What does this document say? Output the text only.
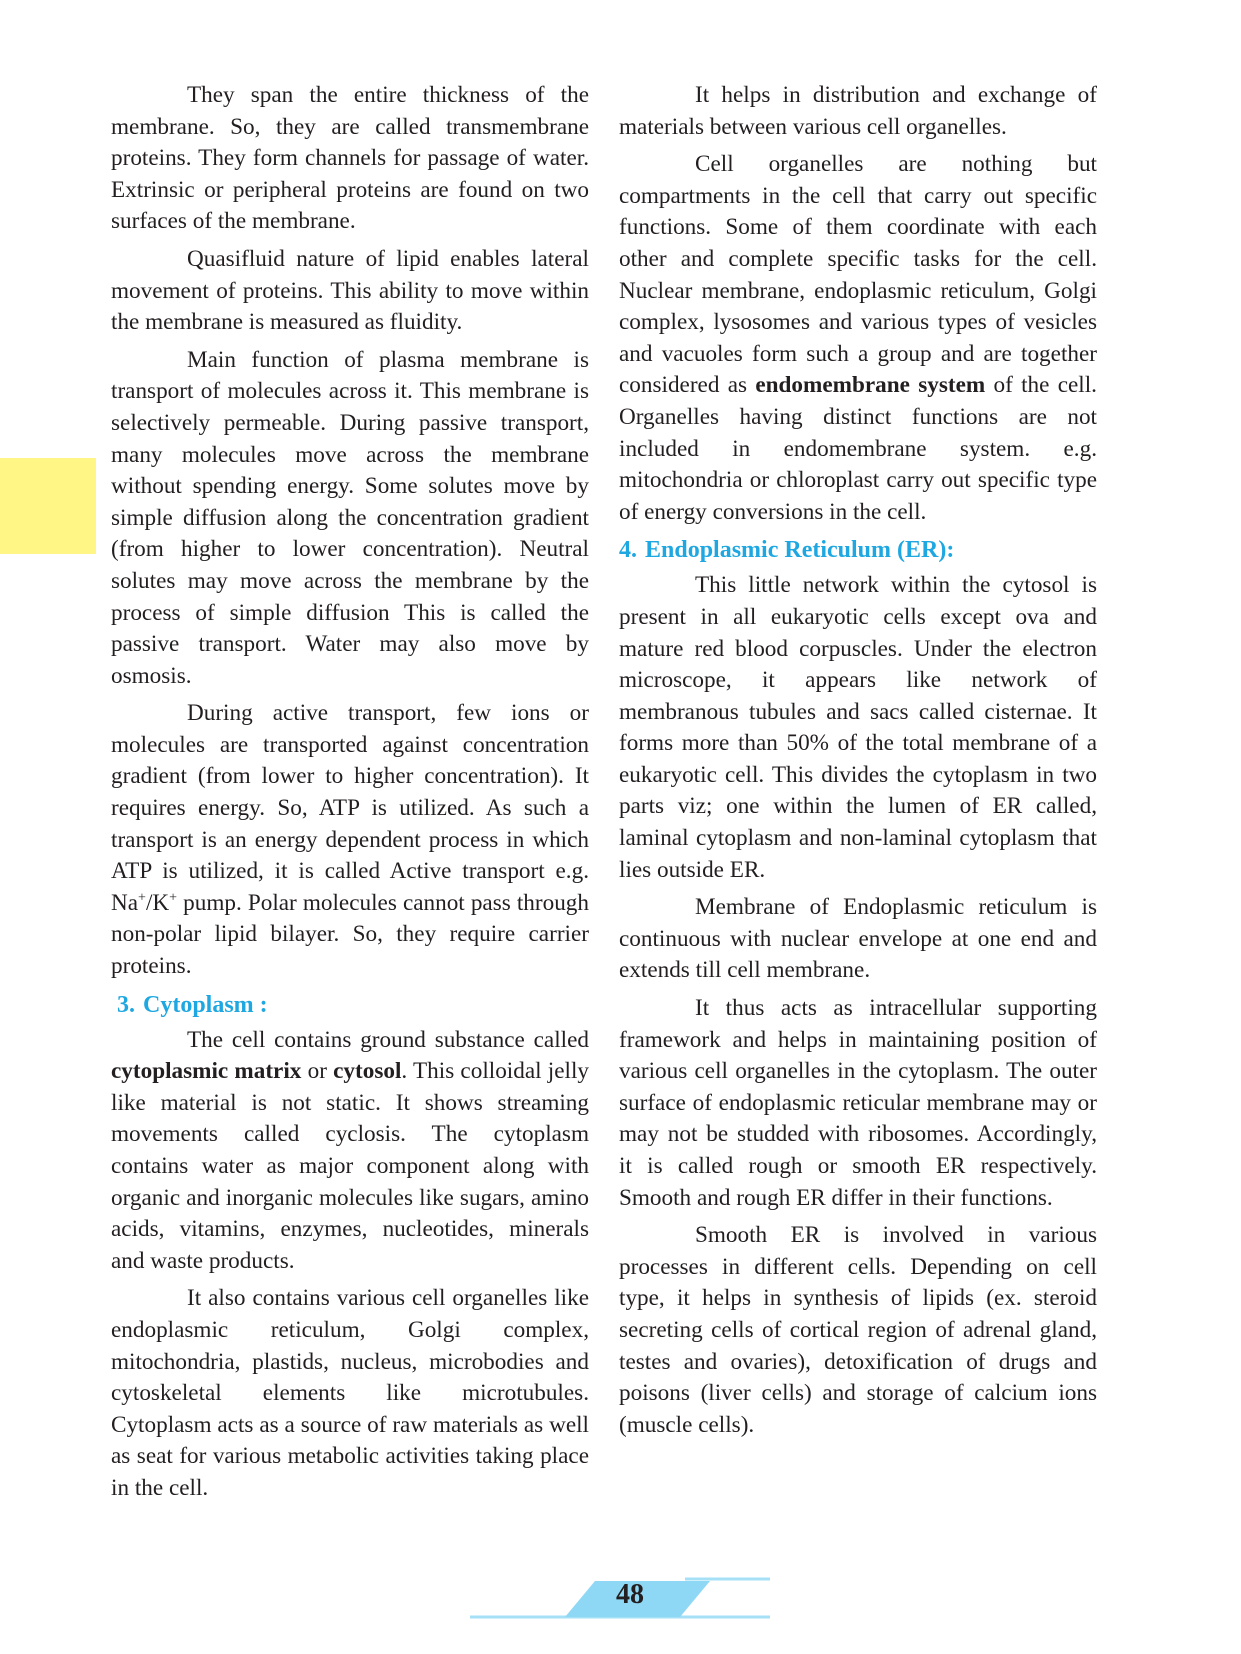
They span the entire thickness of the membrane. So, they are called transmembrane proteins. They form channels for passage of water. Extrinsic or peripheral proteins are found on two surfaces of the membrane.

Quasifluid nature of lipid enables lateral movement of proteins. This ability to move within the membrane is measured as fluidity.

Main function of plasma membrane is transport of molecules across it. This membrane is selectively permeable. During passive transport, many molecules move across the membrane without spending energy. Some solutes move by simple diffusion along the concentration gradient (from higher to lower concentration). Neutral solutes may move across the membrane by the process of simple diffusion This is called the passive transport. Water may also move by osmosis.

During active transport, few ions or molecules are transported against concentration gradient (from lower to higher concentration). It requires energy. So, ATP is utilized. As such a transport is an energy dependent process in which ATP is utilized, it is called Active transport e.g. Na+/K+ pump. Polar molecules cannot pass through non-polar lipid bilayer. So, they require carrier proteins.

3. Cytoplasm :

The cell contains ground substance called cytoplasmic matrix or cytosol. This colloidal jelly like material is not static. It shows streaming movements called cyclosis. The cytoplasm contains water as major component along with organic and inorganic molecules like sugars, amino acids, vitamins, enzymes, nucleotides, minerals and waste products.

It also contains various cell organelles like endoplasmic reticulum, Golgi complex, mitochondria, plastids, nucleus, microbodies and cytoskeletal elements like microtubules. Cytoplasm acts as a source of raw materials as well as seat for various metabolic activities taking place in the cell.

It helps in distribution and exchange of materials between various cell organelles.

Cell organelles are nothing but compartments in the cell that carry out specific functions. Some of them coordinate with each other and complete specific tasks for the cell. Nuclear membrane, endoplasmic reticulum, Golgi complex, lysosomes and various types of vesicles and vacuoles form such a group and are together considered as endomembrane system of the cell. Organelles having distinct functions are not included in endomembrane system. e.g. mitochondria or chloroplast carry out specific type of energy conversions in the cell.

4. Endoplasmic Reticulum (ER):

This little network within the cytosol is present in all eukaryotic cells except ova and mature red blood corpuscles. Under the electron microscope, it appears like network of membranous tubules and sacs called cisternae. It forms more than 50% of the total membrane of a eukaryotic cell. This divides the cytoplasm in two parts viz; one within the lumen of ER called, laminal cytoplasm and non-laminal cytoplasm that lies outside ER.

Membrane of Endoplasmic reticulum is continuous with nuclear envelope at one end and extends till cell membrane.

It thus acts as intracellular supporting framework and helps in maintaining position of various cell organelles in the cytoplasm. The outer surface of endoplasmic reticular membrane may or may not be studded with ribosomes. Accordingly, it is called rough or smooth ER respectively. Smooth and rough ER differ in their functions.

Smooth ER is involved in various processes in different cells. Depending on cell type, it helps in synthesis of lipids (ex. steroid secreting cells of cortical region of adrenal gland, testes and ovaries), detoxification of drugs and poisons (liver cells) and storage of calcium ions (muscle cells).

48
